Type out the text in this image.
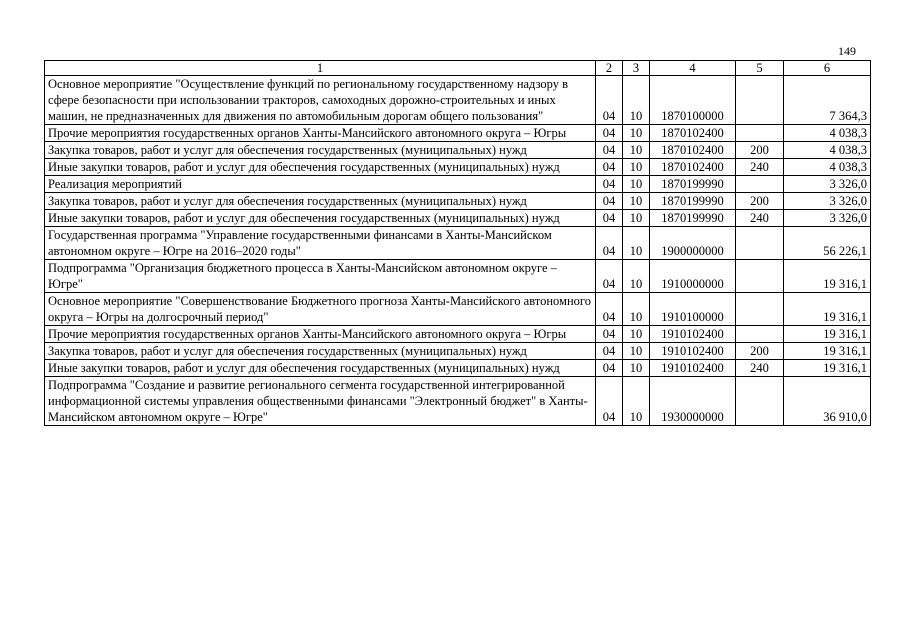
149
1	2	3	4	5	6
Основное мероприятие "Осуществление функций по региональному государственному надзору в сфере безопасности при использовании тракторов, самоходных дорожно-строительных и иных машин, не предназначенных для движения по автомобильным дорогам общего пользования"	04	10	1870100000		7 364,3
Прочие мероприятия государственных органов Ханты-Мансийского автономного округа – Югры	04	10	1870102400		4 038,3
Закупка товаров, работ и услуг для обеспечения государственных (муниципальных) нужд	04	10	1870102400	200	4 038,3
Иные закупки товаров, работ и услуг для обеспечения государственных (муниципальных) нужд	04	10	1870102400	240	4 038,3
Реализация мероприятий	04	10	1870199990		3 326,0
Закупка товаров, работ и услуг для обеспечения государственных (муниципальных) нужд	04	10	1870199990	200	3 326,0
Иные закупки товаров, работ и услуг для обеспечения государственных (муниципальных) нужд	04	10	1870199990	240	3 326,0
Государственная программа "Управление государственными финансами в Ханты-Мансийском автономном округе – Югре на 2016–2020 годы"	04	10	1900000000		56 226,1
Подпрограмма "Организация бюджетного процесса в Ханты-Мансийском автономном округе – Югре"	04	10	1910000000		19 316,1
Основное мероприятие "Совершенствование Бюджетного прогноза Ханты-Мансийского автономного округа – Югры на долгосрочный период"	04	10	1910100000		19 316,1
Прочие мероприятия государственных органов Ханты-Мансийского автономного округа – Югры	04	10	1910102400		19 316,1
Закупка товаров, работ и услуг для обеспечения государственных (муниципальных) нужд	04	10	1910102400	200	19 316,1
Иные закупки товаров, работ и услуг для обеспечения государственных (муниципальных) нужд	04	10	1910102400	240	19 316,1
Подпрограмма "Создание и развитие регионального сегмента государственной интегрированной информационной системы управления общественными финансами "Электронный бюджет" в Ханты-Мансийском автономном округе – Югре"	04	10	1930000000		36 910,0
